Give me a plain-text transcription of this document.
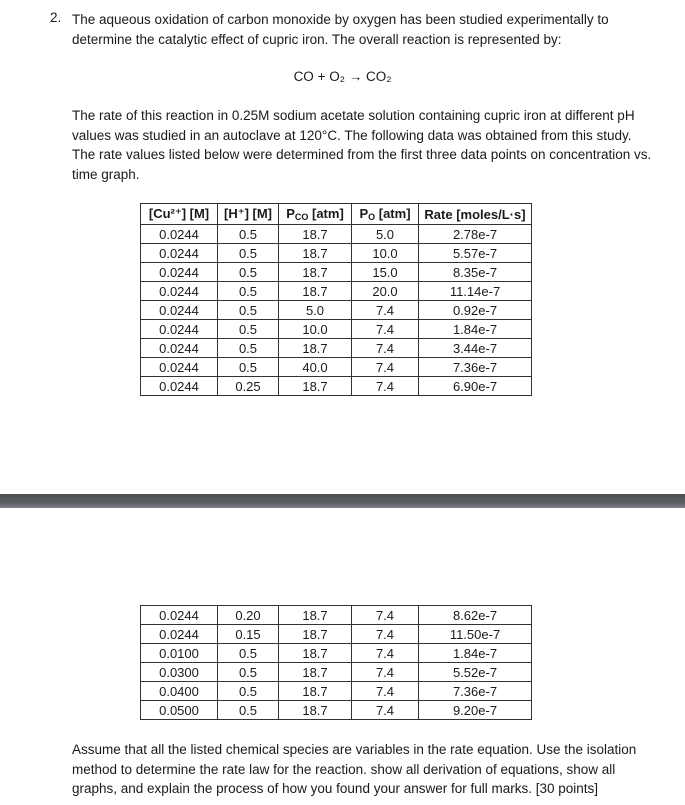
2. The aqueous oxidation of carbon monoxide by oxygen has been studied experimentally to determine the catalytic effect of cupric iron. The overall reaction is represented by:

CO + O₂ → CO₂

The rate of this reaction in 0.25M sodium acetate solution containing cupric iron at different pH values was studied in an autoclave at 120°C. The following data was obtained from this study. The rate values listed below were determined from the first three data points on concentration vs. time graph.

[Cu²⁺] [M]	[H⁺] [M]	$P_{CO}$ [atm]	$P_O$ [atm]	Rate [moles/L·s]
0.0244	0.5	18.7	5.0	2.78e-7
0.0244	0.5	18.7	10.0	5.57e-7
0.0244	0.5	18.7	15.0	8.35e-7
0.0244	0.5	18.7	20.0	11.14e-7
0.0244	0.5	5.0	7.4	0.92e-7
0.0244	0.5	10.0	7.4	1.84e-7
0.0244	0.5	18.7	7.4	3.44e-7
0.0244	0.5	40.0	7.4	7.36e-7
0.0244	0.25	18.7	7.4	6.90e-7
0.0244	0.20	18.7	7.4	8.62e-7
0.0244	0.15	18.7	7.4	11.50e-7
0.0100	0.5	18.7	7.4	1.84e-7
0.0300	0.5	18.7	7.4	5.52e-7
0.0400	0.5	18.7	7.4	7.36e-7
0.0500	0.5	18.7	7.4	9.20e-7

Assume that all the listed chemical species are variables in the rate equation. Use the isolation method to determine the rate law for the reaction. show all derivation of equations, show all graphs, and explain the process of how you found your answer for full marks. [30 points]
